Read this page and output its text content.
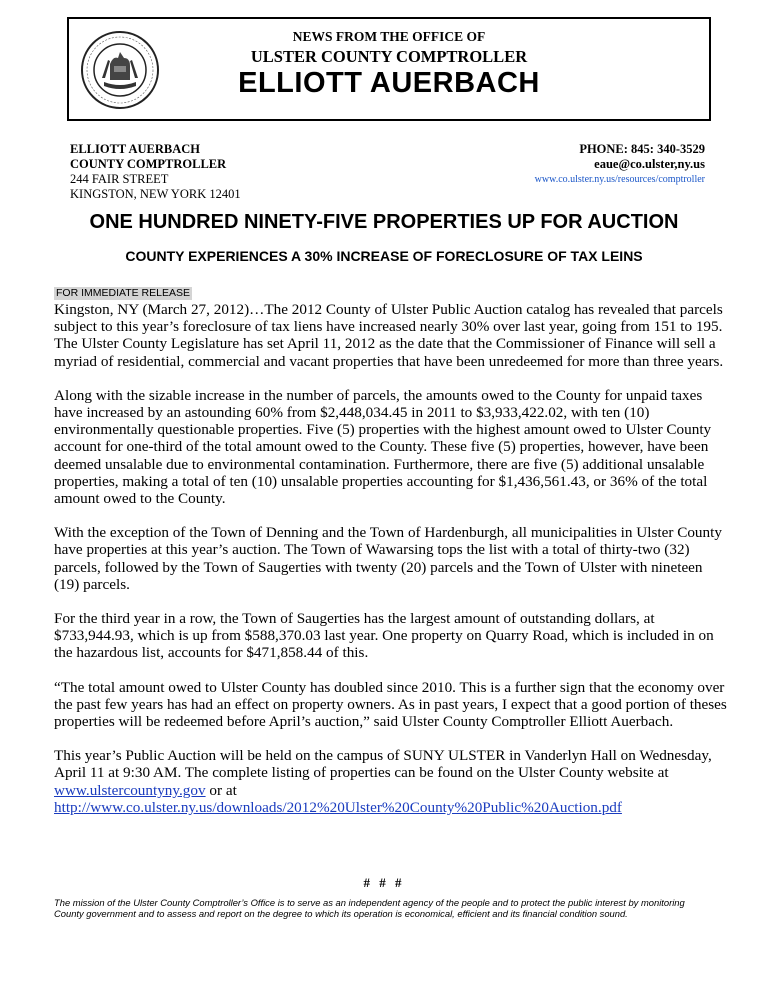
NEWS FROM THE OFFICE OF
ULSTER COUNTY COMPTROLLER
ELLIOTT AUERBACH
ELLIOTT AUERBACH
COUNTY COMPTROLLER
244 FAIR STREET
KINGSTON, NEW YORK 12401
PHONE: 845: 340-3529
eaue@co.ulster,ny.us
www.co.ulster.ny.us/resources/comptroller
ONE HUNDRED NINETY-FIVE PROPERTIES UP FOR AUCTION
COUNTY EXPERIENCES A 30% INCREASE OF FORECLOSURE OF TAX LEINS
FOR IMMEDIATE RELEASE

Kingston, NY (March 27, 2012)…The 2012 County of Ulster Public Auction catalog has revealed that parcels subject to this year’s foreclosure of tax liens have increased nearly 30% over last year, going from 151 to 195. The Ulster County Legislature has set April 11, 2012 as the date that the Commissioner of Finance will sell a myriad of residential, commercial and vacant properties that have been unredeemed for more than three years.

Along with the sizable increase in the number of parcels, the amounts owed to the County for unpaid taxes have increased by an astounding 60% from $2,448,034.45 in 2011 to $3,933,422.02, with ten (10) environmentally questionable properties. Five (5) properties with the highest amount owed to Ulster County account for one-third of the total amount owed to the County. These five (5) properties, however, have been deemed unsalable due to environmental contamination. Furthermore, there are five (5) additional unsalable properties, making a total of ten (10) unsalable properties accounting for $1,436,561.43, or 36% of the total amount owed to the County.

With the exception of the Town of Denning and the Town of Hardenburgh, all municipalities in Ulster County have properties at this year’s auction. The Town of Wawarsing tops the list with a total of thirty-two (32) parcels, followed by the Town of Saugerties with twenty (20) parcels and the Town of Ulster with nineteen (19) parcels.

For the third year in a row, the Town of Saugerties has the largest amount of outstanding dollars, at $733,944.93, which is up from $588,370.03 last year. One property on Quarry Road, which is included in on the hazardous list, accounts for $471,858.44 of this.

“The total amount owed to Ulster County has doubled since 2010. This is a further sign that the economy over the past few years has had an effect on property owners. As in past years, I expect that a good portion of theses properties will be redeemed before April’s auction,” said Ulster County Comptroller Elliott Auerbach.

This year’s Public Auction will be held on the campus of SUNY ULSTER in Vanderlyn Hall on Wednesday, April 11 at 9:30 AM. The complete listing of properties can be found on the Ulster County website at www.ulstercountyny.gov or at
http://www.co.ulster.ny.us/downloads/2012%20Ulster%20County%20Public%20Auction.pdf

# # #
The mission of the Ulster County Comptroller’s Office is to serve as an independent agency of the people and to protect the public interest by monitoring County government and to assess and report on the degree to which its operation is economical, efficient and its financial condition sound.
